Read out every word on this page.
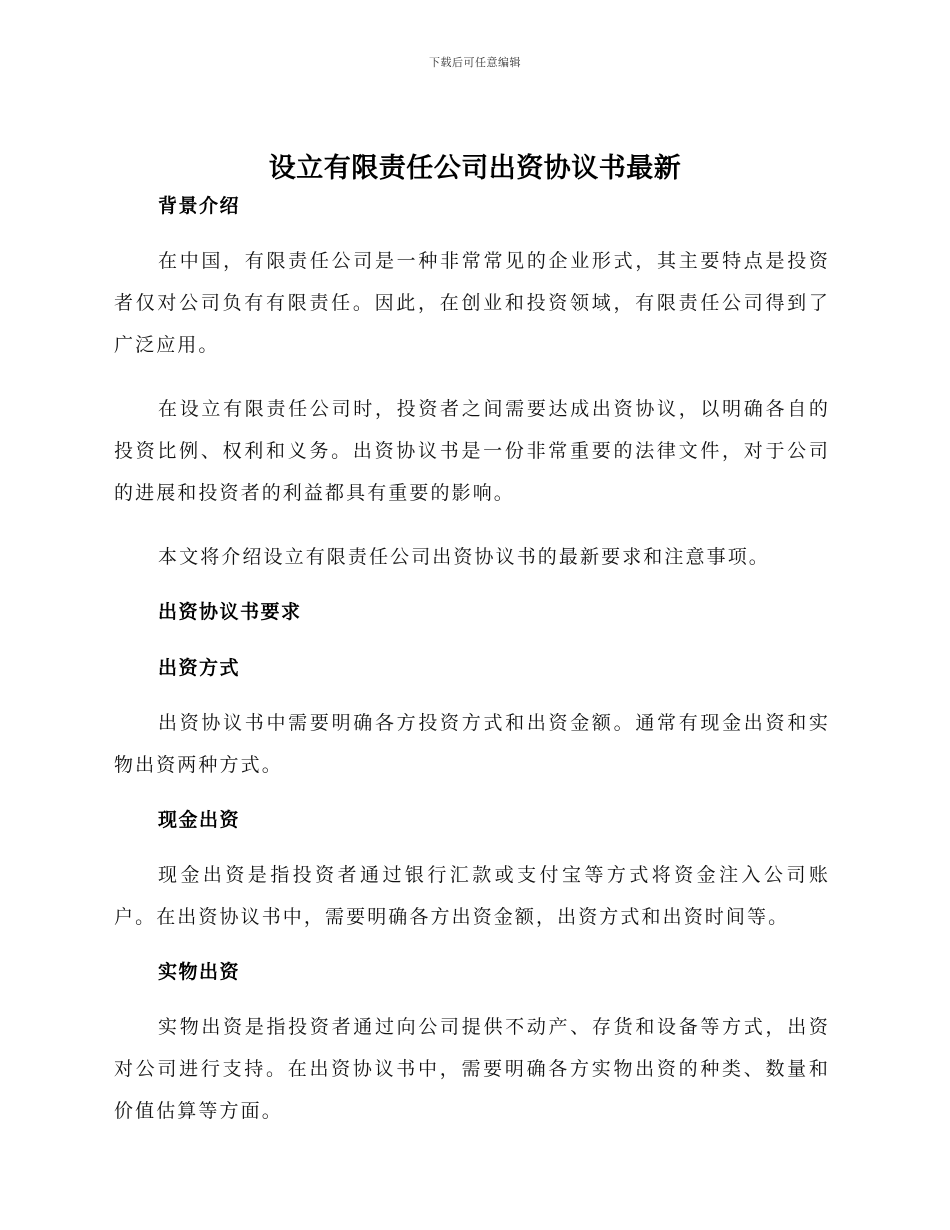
下载后可任意编辑
设立有限责任公司出资协议书最新

背景介绍

在中国，有限责任公司是一种非常常见的企业形式，其主要特点是投资者仅对公司负有有限责任。因此，在创业和投资领域，有限责任公司得到了广泛应用。

在设立有限责任公司时，投资者之间需要达成出资协议，以明确各自的投资比例、权利和义务。出资协议书是一份非常重要的法律文件，对于公司的进展和投资者的利益都具有重要的影响。

本文将介绍设立有限责任公司出资协议书的最新要求和注意事项。

出资协议书要求

出资方式

出资协议书中需要明确各方投资方式和出资金额。通常有现金出资和实物出资两种方式。

现金出资

现金出资是指投资者通过银行汇款或支付宝等方式将资金注入公司账户。在出资协议书中，需要明确各方出资金额，出资方式和出资时间等。

实物出资

实物出资是指投资者通过向公司提供不动产、存货和设备等方式，出资对公司进行支持。在出资协议书中，需要明确各方实物出资的种类、数量和价值估算等方面。
